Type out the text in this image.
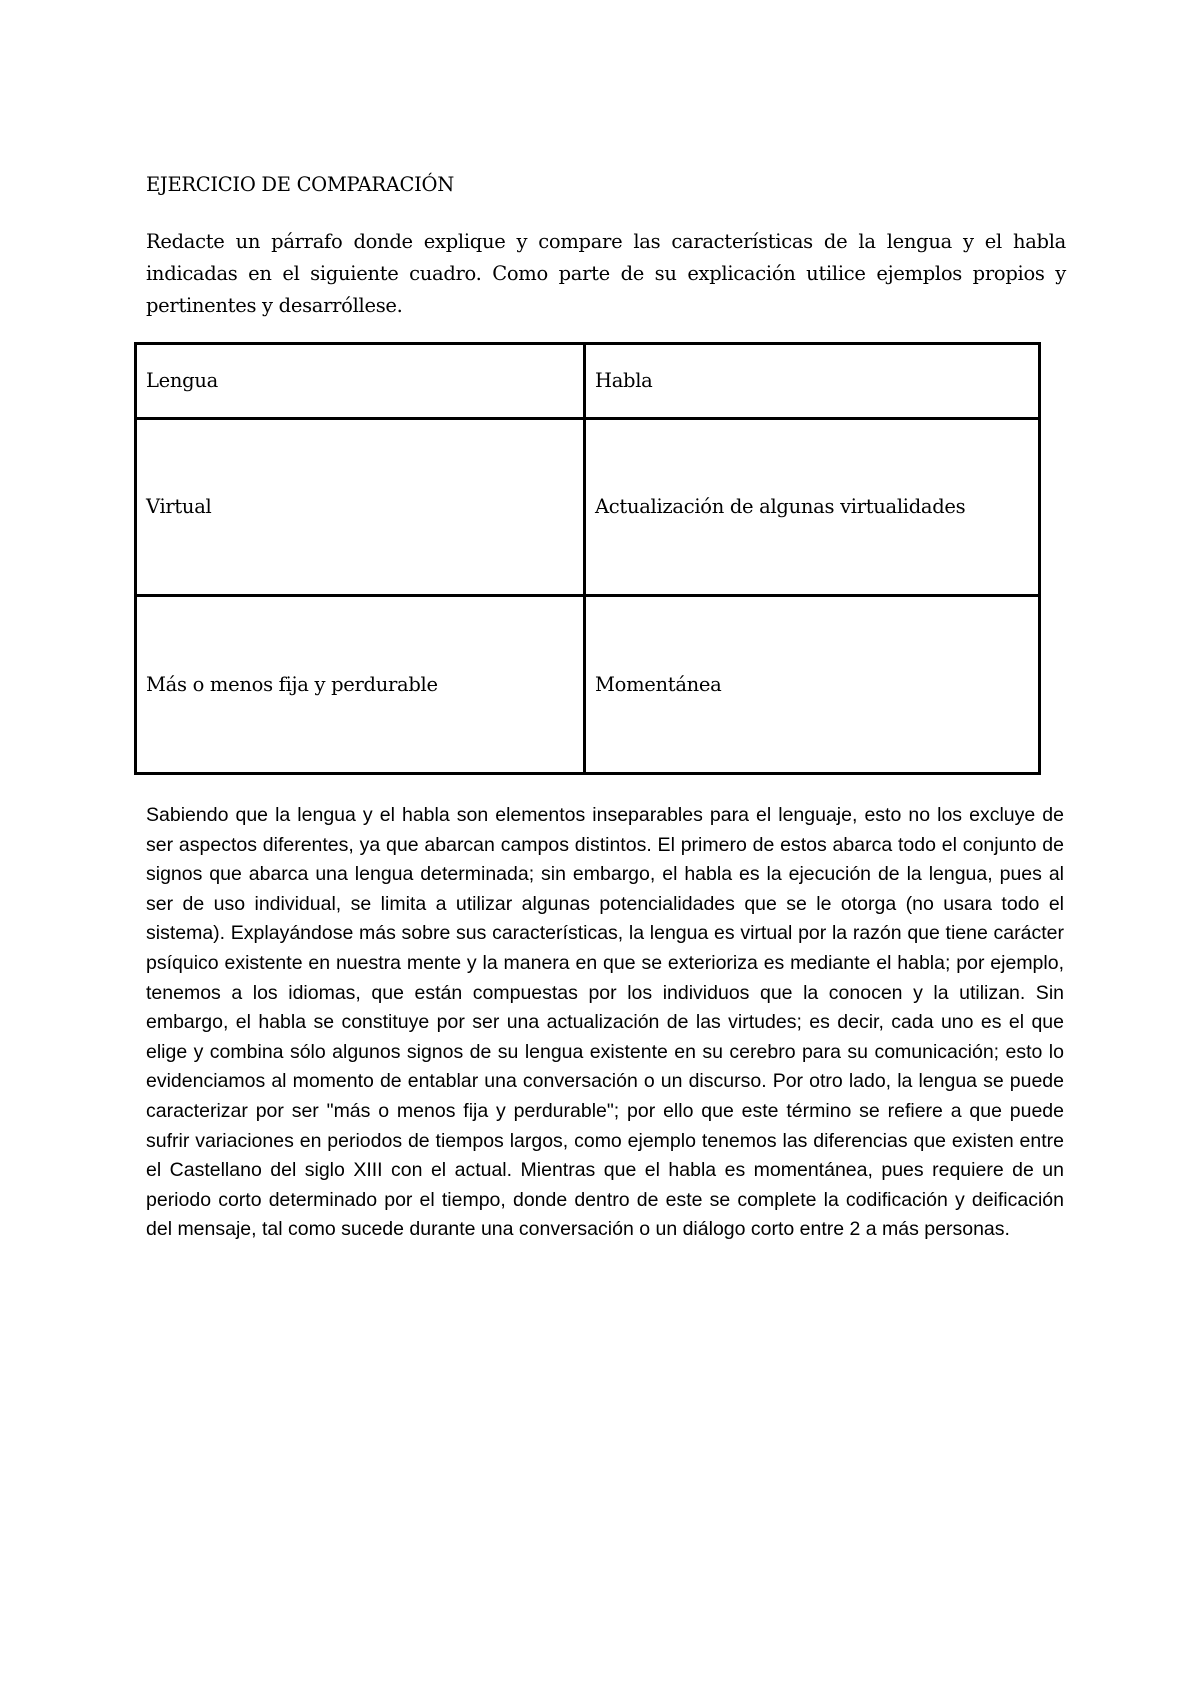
EJERCICIO DE COMPARACIÓN

Redacte un párrafo donde explique y compare las características de la lengua y el habla indicadas en el siguiente cuadro. Como parte de su explicación utilice ejemplos propios y pertinentes y desarróllese.

Lengua	Habla
Virtual	Actualización de algunas virtualidades
Más o menos fija y perdurable	Momentánea

Sabiendo que la lengua y el habla son elementos inseparables para el lenguaje, esto no los excluye de ser aspectos diferentes, ya que abarcan campos distintos. El primero de estos abarca todo el conjunto de signos que abarca una lengua determinada; sin embargo, el habla es la ejecución de la lengua, pues al ser de uso individual, se limita a utilizar algunas potencialidades que se le otorga (no usara todo el sistema). Explayándose más sobre sus características, la lengua es virtual por la razón que tiene carácter psíquico existente en nuestra mente y la manera en que se exterioriza es mediante el habla; por ejemplo, tenemos a los idiomas, que están compuestas por los individuos que la conocen y la utilizan. Sin embargo, el habla se constituye por ser una actualización de las virtudes; es decir, cada uno es el que elige y combina sólo algunos signos de su lengua existente en su cerebro para su comunicación; esto lo evidenciamos al momento de entablar una conversación o un discurso. Por otro lado, la lengua se puede caracterizar por ser "más o menos fija y perdurable"; por ello que este término se refiere a que puede sufrir variaciones en periodos de tiempos largos, como ejemplo tenemos las diferencias que existen entre el Castellano del siglo XIII con el actual. Mientras que el habla es momentánea, pues requiere de un periodo corto determinado por el tiempo, donde dentro de este se complete la codificación y deificación del mensaje, tal como sucede durante una conversación o un diálogo corto entre 2 a más personas.
